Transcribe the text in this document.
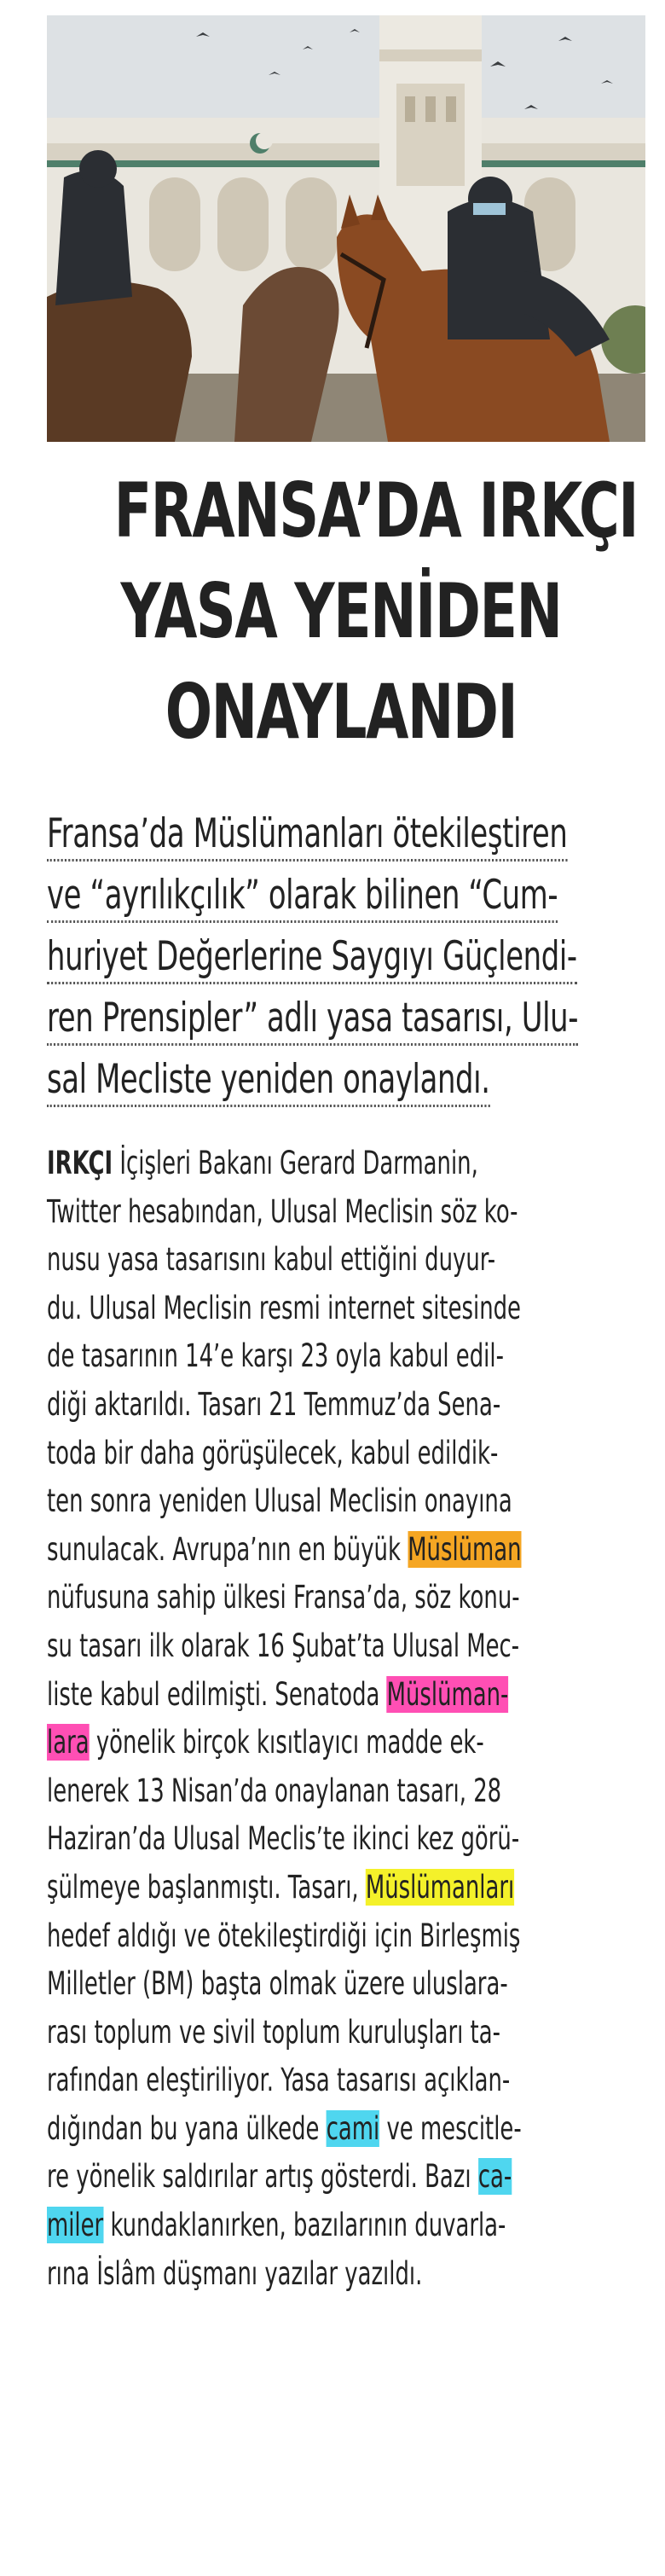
FRANSA’DA IRKÇI
YASA YENİDEN
ONAYLANDI
Fransa’da Müslümanları ötekileştiren
ve “ayrılıkçılık” olarak bilinen “Cum-
huriyet Değerlerine Saygıyı Güçlendi-
ren Prensipler” adlı yasa tasarısı, Ulu-
sal Mecliste yeniden onaylandı.
IRKÇI İçişleri Bakanı Gerard Darmanin,
Twitter hesabından, Ulusal Meclisin söz ko-
nusu yasa tasarısını kabul ettiğini duyur-
du. Ulusal Meclisin resmi internet sitesinde
de tasarının 14’e karşı 23 oyla kabul edil-
diği aktarıldı. Tasarı 21 Temmuz’da Sena-
toda bir daha görüşülecek, kabul edildik-
ten sonra yeniden Ulusal Meclisin onayına
sunulacak. Avrupa’nın en büyük Müslüman
nüfusuna sahip ülkesi Fransa’da, söz konu-
su tasarı ilk olarak 16 Şubat’ta Ulusal Mec-
liste kabul edilmişti. Senatoda Müslüman-
lara yönelik birçok kısıtlayıcı madde ek-
lenerek 13 Nisan’da onaylanan tasarı, 28
Haziran’da Ulusal Meclis’te ikinci kez görü-
şülmeye başlanmıştı. Tasarı, Müslümanları
hedef aldığı ve ötekileştirdiği için Birleşmiş
Milletler (BM) başta olmak üzere uluslara-
rası toplum ve sivil toplum kuruluşları ta-
rafından eleştiriliyor. Yasa tasarısı açıklan-
dığından bu yana ülkede cami ve mescitle-
re yönelik saldırılar artış gösterdi. Bazı ca-
miler kundaklanırken, bazılarının duvarla-
rına İslâm düşmanı yazılar yazıldı.
